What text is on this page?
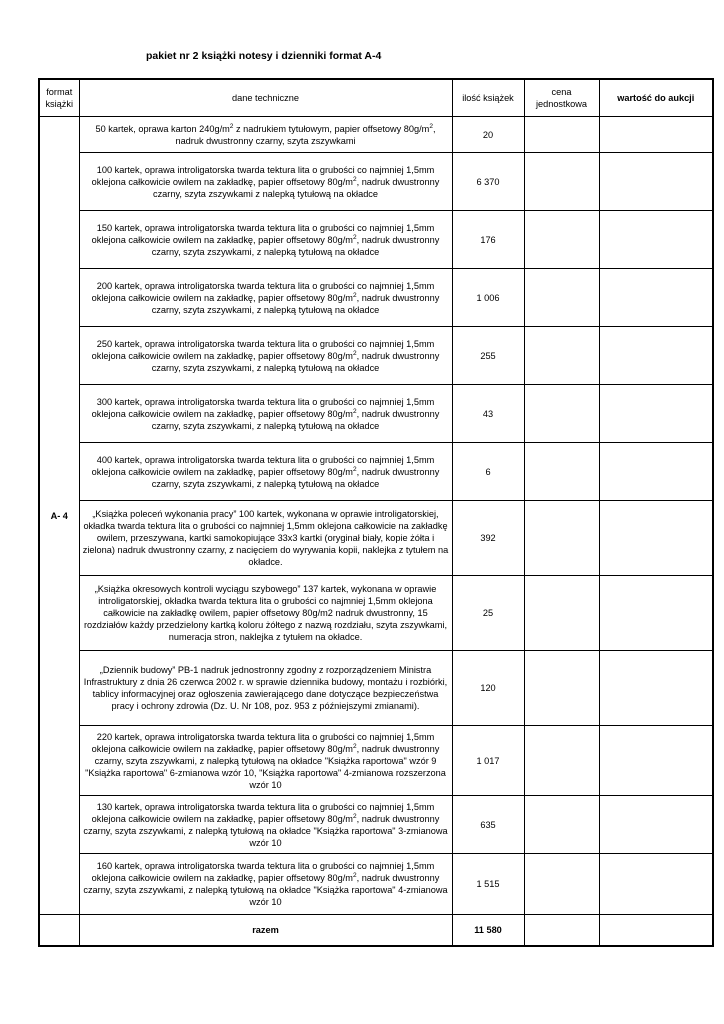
pakiet nr 2 książki notesy i dzienniki format A-4
format książki	dane techniczne	ilość książek	cena jednostkowa	wartość do aukcji
A- 4	50 kartek, oprawa karton $240g/m^2$ z nadrukiem tytułowym, papier offsetowy $80g/m^2$, nadruk dwustronny czarny, szyta zszywkami	20		
	100 kartek, oprawa introligatorska twarda tektura lita o grubości co najmniej 1,5mm oklejona całkowicie owilem na zakładkę, papier offsetowy $80g/m^2$, nadruk dwustronny czarny, szyta zszywkami z nalepką tytułową na okładce	6 370		
	150 kartek, oprawa introligatorska twarda tektura lita o grubości co najmniej 1,5mm oklejona całkowicie owilem na zakładkę, papier offsetowy $80g/m^2$, nadruk dwustronny czarny, szyta zszywkami, z nalepką tytułową na okładce	176		
	200 kartek, oprawa introligatorska twarda tektura lita o grubości co najmniej 1,5mm oklejona całkowicie owilem na zakładkę, papier offsetowy $80g/m^2$, nadruk dwustronny czarny, szyta zszywkami, z nalepką tytułową na okładce	1 006		
	250 kartek, oprawa introligatorska twarda tektura lita o grubości co najmniej 1,5mm oklejona całkowicie owilem na zakładkę, papier offsetowy $80g/m^2$, nadruk dwustronny czarny, szyta zszywkami, z nalepką tytułową na okładce	255		
	300 kartek, oprawa introligatorska twarda tektura lita o grubości co najmniej 1,5mm oklejona całkowicie owilem na zakładkę, papier offsetowy $80g/m^2$, nadruk dwustronny czarny, szyta zszywkami, z nalepką tytułową na okładce	43		
	400 kartek, oprawa introligatorska twarda tektura lita o grubości co najmniej 1,5mm oklejona całkowicie owilem na zakładkę, papier offsetowy $80g/m^2$, nadruk dwustronny czarny, szyta zszywkami, z nalepką tytułową na okładce	6		
	„Książka poleceń wykonania pracy” 100 kartek, wykonana w oprawie introligatorskiej, okładka twarda tektura lita o grubości co najmniej 1,5mm oklejona całkowicie na zakładkę owilem, przeszywana, kartki samokopiujące 33x3 kartki (oryginał biały, kopie żółta i zielona) nadruk dwustronny czarny, z nacięciem do wyrywania kopii, naklejka z tytułem na okładce.	392		
	„Książka okresowych kontroli wyciągu szybowego” 137 kartek, wykonana w oprawie introligatorskiej, okładka twarda tektura lita o grubości co najmniej 1,5mm oklejona całkowicie na zakładkę owilem, papier offsetowy 80g/m2 nadruk dwustronny, 15 rozdziałów każdy przedzielony kartką koloru żółtego z nazwą rozdziału, szyta zszywkami, numeracja stron, naklejka z tytułem na okładce.	25		
	„Dziennik budowy” PB-1 nadruk jednostronny zgodny z rozporządzeniem Ministra Infrastruktury z dnia 26 czerwca 2002 r. w sprawie dziennika budowy, montażu i rozbiórki, tablicy informacyjnej oraz ogłoszenia zawierającego dane dotyczące bezpieczeństwa pracy i ochrony zdrowia (Dz. U. Nr 108, poz. 953 z późniejszymi zmianami).	120		
	220 kartek, oprawa introligatorska twarda tektura lita o grubości co najmniej 1,5mm oklejona całkowicie owilem na zakładkę, papier offsetowy $80g/m^2$, nadruk dwustronny czarny, szyta zszywkami, z nalepką tytułową na okładce "Książka raportowa" wzór 9 "Książka raportowa" 6-zmianowa wzór 10, "Książka raportowa" 4-zmianowa rozszerzona wzór 10	1 017		
	130 kartek, oprawa introligatorska twarda tektura lita o grubości co najmniej 1,5mm oklejona całkowicie owilem na zakładkę, papier offsetowy $80g/m^2$, nadruk dwustronny czarny, szyta zszywkami, z nalepką tytułową na okładce "Książka raportowa" 3-zmianowa wzór 10	635		
	160 kartek, oprawa introligatorska twarda tektura lita o grubości co najmniej 1,5mm oklejona całkowicie owilem na zakładkę, papier offsetowy $80g/m^2$, nadruk dwustronny czarny, szyta zszywkami, z nalepką tytułową na okładce "Książka raportowa" 4-zmianowa wzór 10	1 515		
	razem	11 580		
